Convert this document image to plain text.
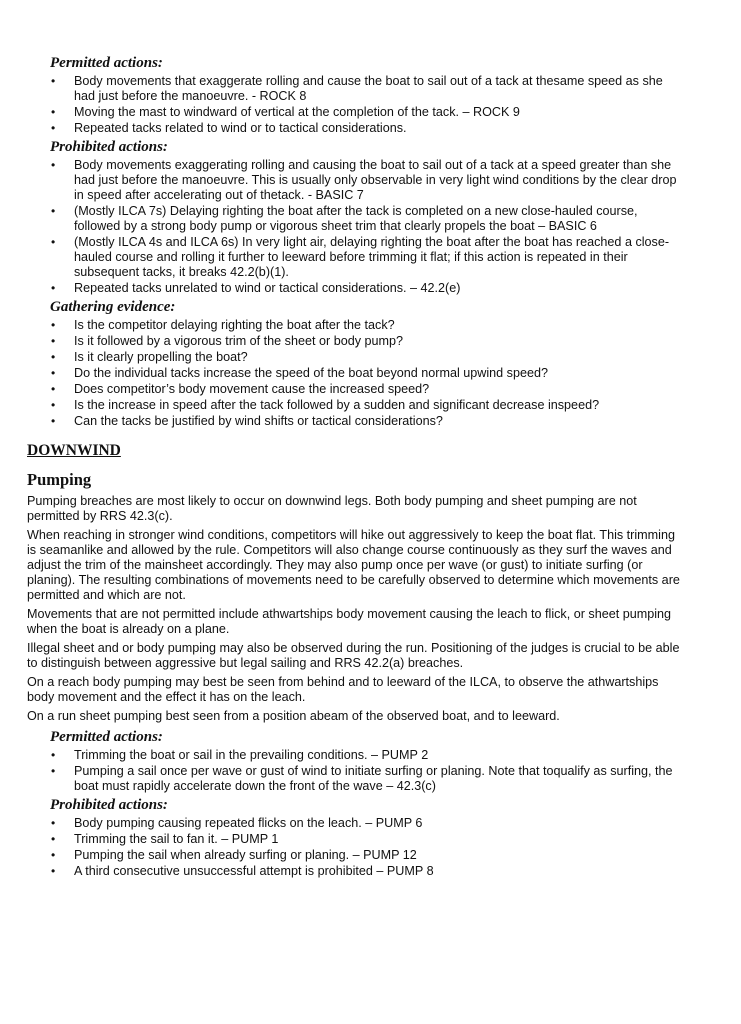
Permitted actions:
• Body movements that exaggerate rolling and cause the boat to sail out of a tack at thesame speed as she had just before the manoeuvre. - ROCK 8
• Moving the mast to windward of vertical at the completion of the tack. – ROCK 9
• Repeated tacks related to wind or to tactical considerations.
Prohibited actions:
• Body movements exaggerating rolling and causing the boat to sail out of a tack at a speed greater than she had just before the manoeuvre. This is usually only observable in very light wind conditions by the clear drop in speed after accelerating out of thetack. - BASIC 7
• (Mostly ILCA 7s) Delaying righting the boat after the tack is completed on a new close-hauled course, followed by a strong body pump or vigorous sheet trim that clearly propels the boat – BASIC 6
• (Mostly ILCA 4s and ILCA 6s) In very light air, delaying righting the boat after the boat has reached a close-hauled course and rolling it further to leeward before trimming it flat; if this action is repeated in their subsequent tacks, it breaks 42.2(b)(1).
• Repeated tacks unrelated to wind or tactical considerations. – 42.2(e)
Gathering evidence:
• Is the competitor delaying righting the boat after the tack?
• Is it followed by a vigorous trim of the sheet or body pump?
• Is it clearly propelling the boat?
• Do the individual tacks increase the speed of the boat beyond normal upwind speed?
• Does competitor’s body movement cause the increased speed?
• Is the increase in speed after the tack followed by a sudden and significant decrease inspeed?
• Can the tacks be justified by wind shifts or tactical considerations?
DOWNWIND
Pumping

Pumping breaches are most likely to occur on downwind legs. Both body pumping and sheet pumping are not permitted by RRS 42.3(c).

When reaching in stronger wind conditions, competitors will hike out aggressively to keep the boat flat. This trimming is seamanlike and allowed by the rule. Competitors will also change course continuously as they surf the waves and adjust the trim of the mainsheet accordingly. They may also pump once per wave (or gust) to initiate surfing (or planing). The resulting combinations of movements need to be carefully observed to determine which movements are permitted and which are not.

Movements that are not permitted include athwartships body movement causing the leach to flick, or sheet pumping when the boat is already on a plane.

Illegal sheet and or body pumping may also be observed during the run. Positioning of the judges is crucial to be able to distinguish between aggressive but legal sailing and RRS 42.2(a) breaches.

On a reach body pumping may best be seen from behind and to leeward of the ILCA, to observe the athwartships body movement and the effect it has on the leach.

On a run sheet pumping best seen from a position abeam of the observed boat, and to leeward.

Permitted actions:
• Trimming the boat or sail in the prevailing conditions. – PUMP 2
• Pumping a sail once per wave or gust of wind to initiate surfing or planing. Note that toqualify as surfing, the boat must rapidly accelerate down the front of the wave – 42.3(c)
Prohibited actions:
• Body pumping causing repeated flicks on the leach. – PUMP 6
• Trimming the sail to fan it. – PUMP 1
• Pumping the sail when already surfing or planing. – PUMP 12
• A third consecutive unsuccessful attempt is prohibited – PUMP 8
